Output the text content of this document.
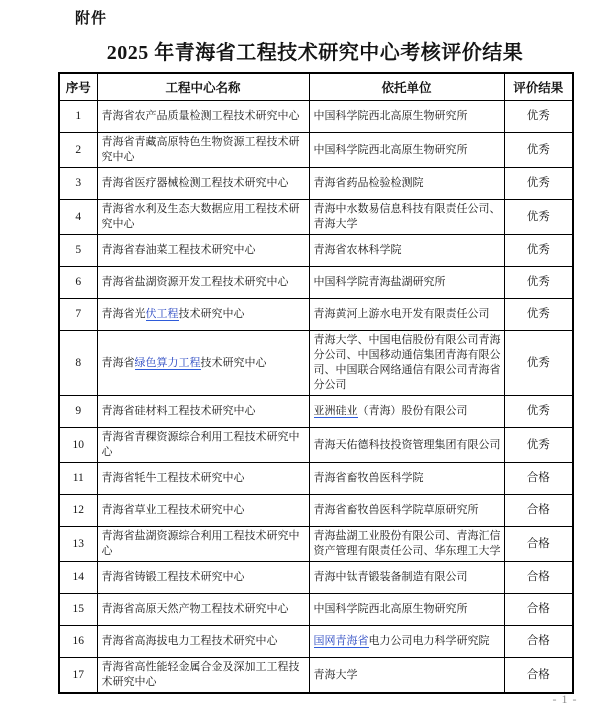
附件
2025 年青海省工程技术研究中心考核评价结果
序号	工程中心名称	依托单位	评价结果
1	青海省农产品质量检测工程技术研究中心	中国科学院西北高原生物研究所	优秀
2	青海省青藏高原特色生物资源工程技术研究中心	中国科学院西北高原生物研究所	优秀
3	青海省医疗器械检测工程技术研究中心	青海省药品检验检测院	优秀
4	青海省水利及生态大数据应用工程技术研究中心	青海中水数易信息科技有限责任公司、青海大学	优秀
5	青海省春油菜工程技术研究中心	青海省农林科学院	优秀
6	青海省盐湖资源开发工程技术研究中心	中国科学院青海盐湖研究所	优秀
7	青海省光伏工程技术研究中心	青海黄河上游水电开发有限责任公司	优秀
8	青海省绿色算力工程技术研究中心	青海大学、中国电信股份有限公司青海分公司、中国移动通信集团青海有限公司、中国联合网络通信有限公司青海省分公司	优秀
9	青海省硅材料工程技术研究中心	亚洲硅业（青海）股份有限公司	优秀
10	青海省青稞资源综合利用工程技术研究中心	青海天佑德科技投资管理集团有限公司	优秀
11	青海省牦牛工程技术研究中心	青海省畜牧兽医科学院	合格
12	青海省草业工程技术研究中心	青海省畜牧兽医科学院草原研究所	合格
13	青海省盐湖资源综合利用工程技术研究中心	青海盐湖工业股份有限公司、青海汇信资产管理有限责任公司、华东理工大学	合格
14	青海省铸锻工程技术研究中心	青海中钛青锻装备制造有限公司	合格
15	青海省高原天然产物工程技术研究中心	中国科学院西北高原生物研究所	合格
16	青海省高海拔电力工程技术研究中心	国网青海省电力公司电力科学研究院	合格
17	青海省高性能轻金属合金及深加工工程技术研究中心	青海大学	合格
- 1 -
